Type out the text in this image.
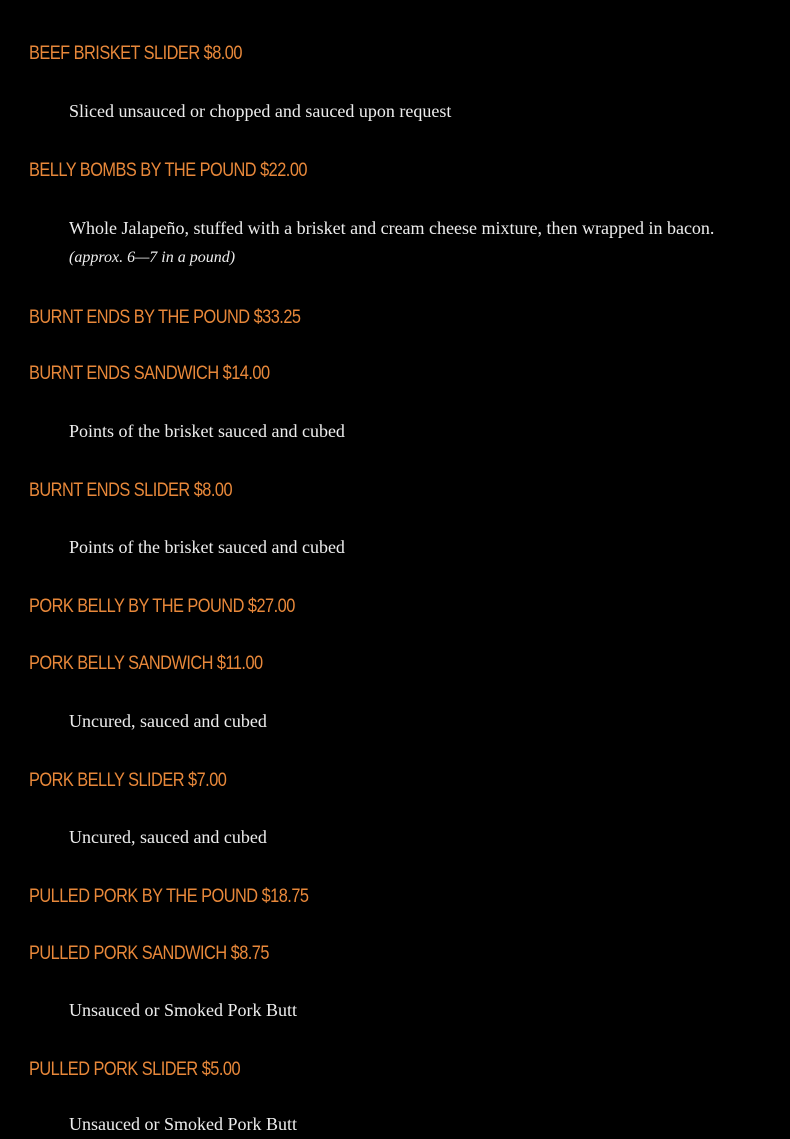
BEEF BRISKET SLIDER $8.00
Sliced unsauced or chopped and sauced upon request
BELLY BOMBS BY THE POUND $22.00
Whole Jalapeño, stuffed with a brisket and cream cheese mixture, then wrapped in bacon.
(approx. 6—7 in a pound)
BURNT ENDS BY THE POUND $33.25
BURNT ENDS SANDWICH $14.00
Points of the brisket sauced and cubed
BURNT ENDS SLIDER $8.00
Points of the brisket sauced and cubed
PORK BELLY BY THE POUND $27.00
PORK BELLY SANDWICH $11.00
Uncured, sauced and cubed
PORK BELLY SLIDER $7.00
Uncured, sauced and cubed
PULLED PORK BY THE POUND $18.75
PULLED PORK SANDWICH $8.75
Unsauced or Smoked Pork Butt
PULLED PORK SLIDER $5.00
Unsauced or Smoked Pork Butt
